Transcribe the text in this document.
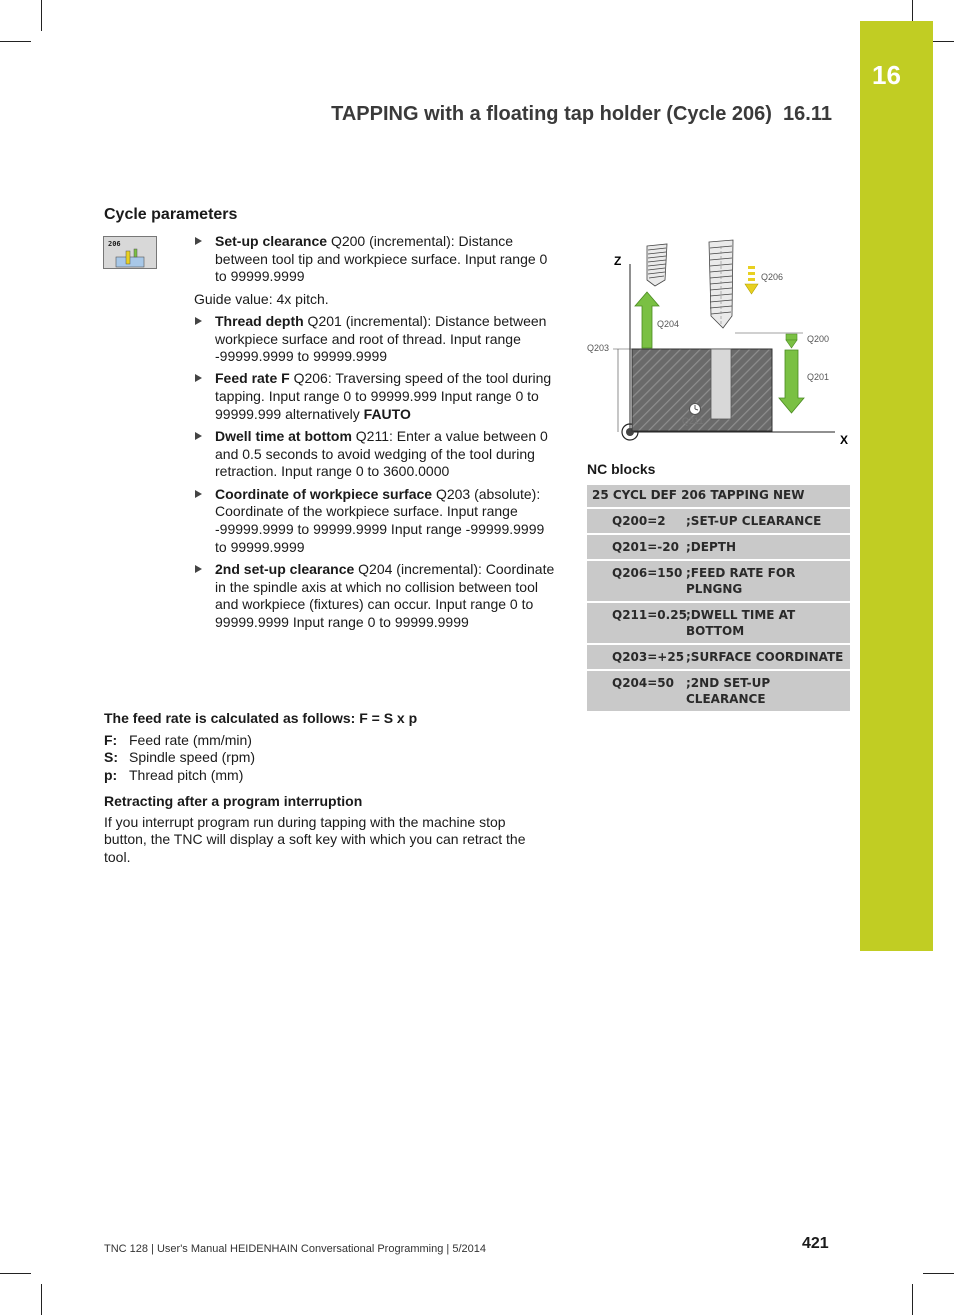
16
TAPPING with a floating tap holder (Cycle 206) 16.11
Cycle parameters
206	Set-up clearance Q200 (incremental): Distance between tool tip and workpiece surface. Input range 0 to 99999.9999

Guide value: 4x pitch.

Thread depth Q201 (incremental): Distance between workpiece surface and root of thread. Input range -99999.9999 to 99999.9999
Feed rate F Q206: Traversing speed of the tool during tapping. Input range 0 to 99999.999 Input range 0 to 99999.999 alternatively FAUTO
Dwell time at bottom Q211: Enter a value between 0 and 0.5 seconds to avoid wedging of the tool during retraction. Input range 0 to 3600.0000
Coordinate of workpiece surface Q203 (absolute): Coordinate of the workpiece surface. Input range -99999.9999 to 99999.9999 Input range -99999.9999 to 99999.9999
2nd set-up clearance Q204 (incremental): Coordinate in the spindle axis at which no collision between tool and workpiece (fixtures) can occur. Input range 0 to 99999.9999 Input range 0 to 99999.9999
The feed rate is calculated as follows: F = S x p
F: Feed rate (mm/min)
S: Spindle speed (rpm)
p: Thread pitch (mm)
Retracting after a program interruption

If you interrupt program run during tapping with the machine stop button, the TNC will display a soft key with which you can retract the tool.

Z
X
Q211
Q204
Q206
Q200
Q201
Q203
NC blocks
25 CYCL DEF 206 TAPPING NEW
Q200=2	;SET-UP CLEARANCE
Q201=-20 ;DEPTH
Q206=150 ;FEED RATE FOR PLNGNG
Q211=0.25 ;DWELL TIME AT BOTTOM
Q203=+25 ;SURFACE COORDINATE
Q204=50 ;2ND SET-UP CLEARANCE
TNC 128 | User's Manual HEIDENHAIN Conversational Programming | 5/2014	421
